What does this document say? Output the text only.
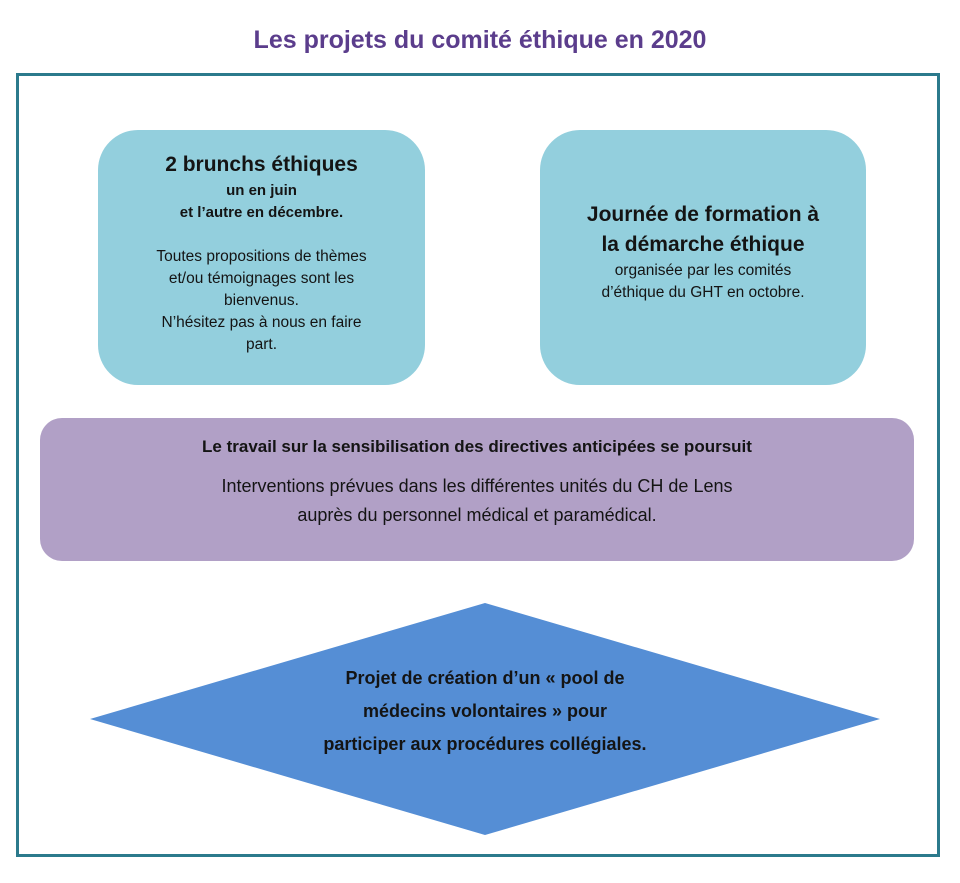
Les projets du comité éthique en 2020
2 brunchs éthiques
un en juin
et l’autre en décembre.
Toutes propositions de thèmes
et/ou témoignages sont les
bienvenus.
N’hésitez pas à nous en faire
part.
Journée de formation à
la démarche éthique
organisée par les comités
d’éthique du GHT en octobre.
Le travail sur la sensibilisation des directives anticipées se poursuit
Interventions prévues dans les différentes unités du CH de Lens
auprès du personnel médical et paramédical.
Projet de création d’un « pool de
médecins volontaires » pour
participer aux procédures collégiales.
